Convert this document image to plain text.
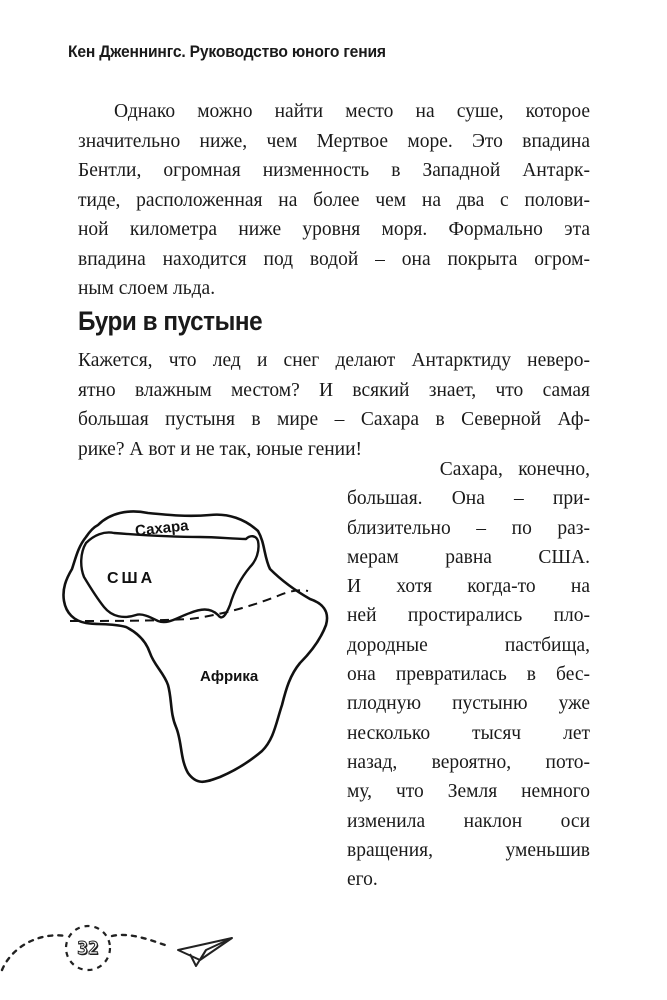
Кен Дженнингс. Руководство юного гения
Однако можно найти место на суше, которое
значительно ниже, чем Мертвое море. Это впадина
Бентли, огромная низменность в Западной Антарк-
тиде, расположенная на более чем на два с полови-
ной километра ниже уровня моря. Формально эта
впадина находится под водой – она покрыта огром-
ным слоем льда.
Бури в пустыне
Кажется, что лед и снег делают Антарктиду неверо-
ятно влажным местом? И всякий знает, что самая
большая пустыня в мире – Сахара в Северной Аф-
рике? А вот и не так, юные гении!
Сахара, конечно,
большая. Она – при-
близительно – по раз-
мерам равна США.
И хотя когда-то на
ней простирались пло-
дородные пастбища,
она превратилась в бес-
плодную пустыню уже
несколько тысяч лет
назад, вероятно, пото-
му, что Земля немного
изменила наклон оси
вращения, уменьшив
его.
Сахара
США
Африка
32
